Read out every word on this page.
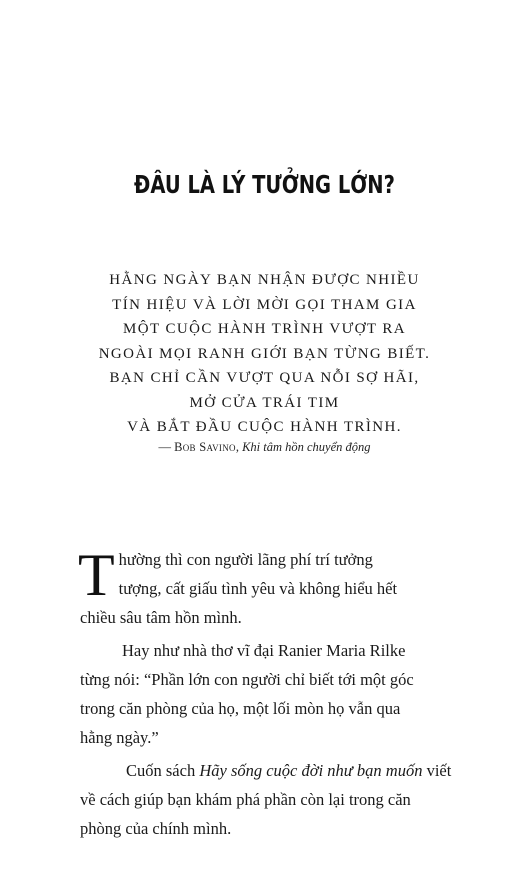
ĐÂU LÀ LÝ TƯỞNG LỚN?
HẰNG NGÀY BẠN NHẬN ĐƯỢC NHIỀU
TÍN HIỆU VÀ LỜI MỜI GỌI THAM GIA
MỘT CUỘC HÀNH TRÌNH VƯỢT RA
NGOÀI MỌI RANH GIỚI BẠN TỪNG BIẾT.
BẠN CHỈ CẦN VƯỢT QUA NỖI SỢ HÃI,
MỞ CỬA TRÁI TIM
VÀ BẮT ĐẦU CUỘC HÀNH TRÌNH.
— Bob Savino, Khi tâm hồn chuyển động

T hường thì con người lãng phí trí tưởng
tượng, cất giấu tình yêu và không hiểu hết
chiều sâu tâm hồn mình.

Hay như nhà thơ vĩ đại Ranier Maria Rilke
từng nói: “Phần lớn con người chỉ biết tới một góc
trong căn phòng của họ, một lối mòn họ vẫn qua
hằng ngày.”

Cuốn sách Hãy sống cuộc đời như bạn muốn viết
về cách giúp bạn khám phá phần còn lại trong căn
phòng của chính mình.
